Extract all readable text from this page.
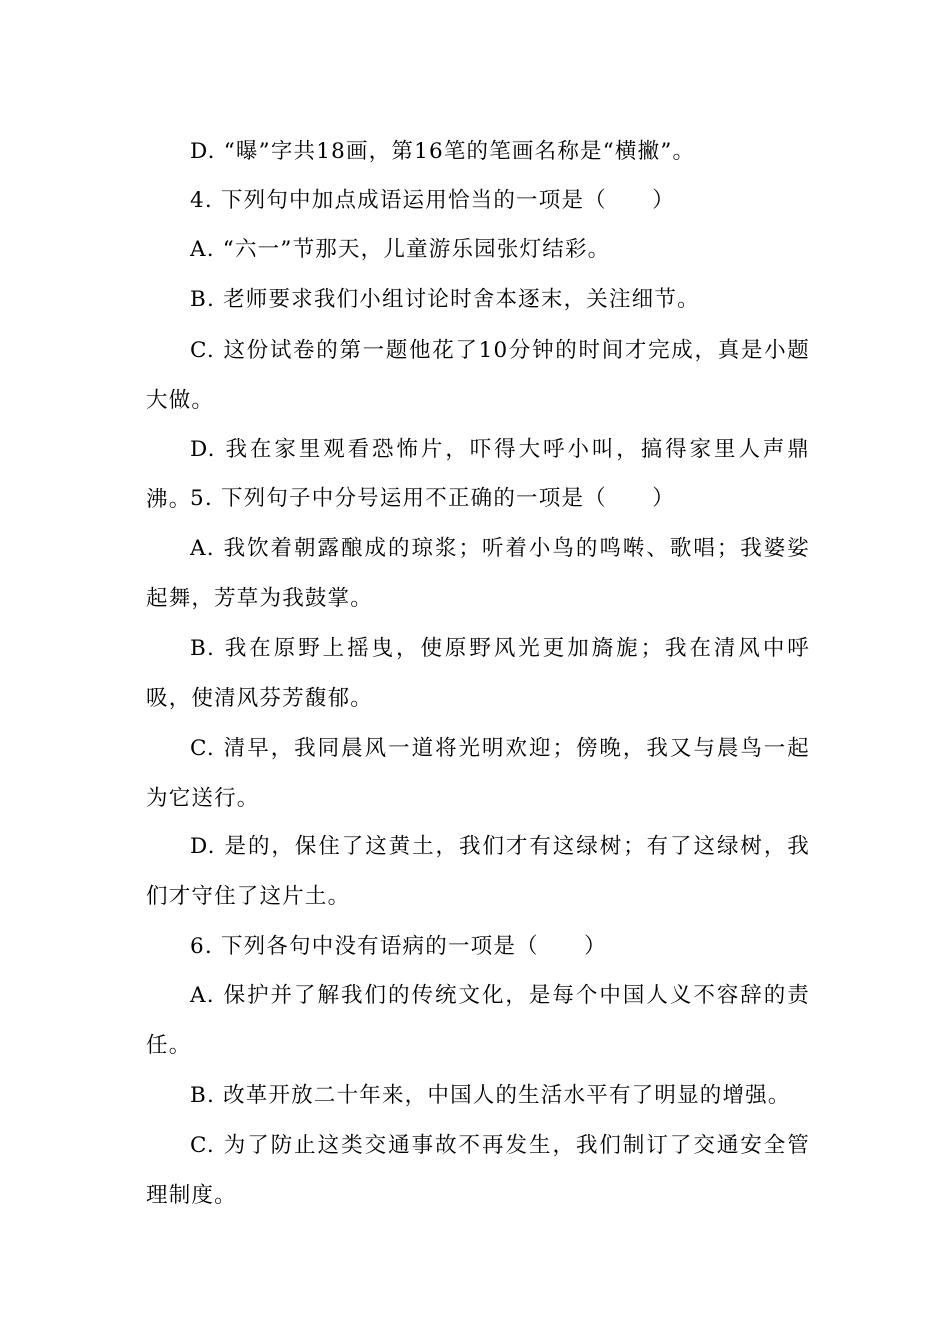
D. “曝”字共18画，第16笔的笔画名称是“横撇”。

4. 下列句中加点成语运用恰当的一项是（　　）

A. “六一”节那天，儿童游乐园张灯结彩。

B. 老师要求我们小组讨论时舍本逐末，关注细节。

C. 这份试卷的第一题他花了10分钟的时间才完成，真是小题大做。

D. 我在家里观看恐怖片，吓得大呼小叫，搞得家里人声鼎沸。

5. 下列句子中分号运用不正确的一项是（　　）

A. 我饮着朝露酿成的琼浆；听着小鸟的鸣啭、歌唱；我婆娑起舞，芳草为我鼓掌。

B. 我在原野上摇曳，使原野风光更加旖旎；我在清风中呼吸，使清风芬芳馥郁。

C. 清早，我同晨风一道将光明欢迎；傍晚，我又与晨鸟一起为它送行。

D. 是的，保住了这黄土，我们才有这绿树；有了这绿树，我们才守住了这片土。

6. 下列各句中没有语病的一项是（　　）

A. 保护并了解我们的传统文化，是每个中国人义不容辞的责任。

B. 改革开放二十年来，中国人的生活水平有了明显的增强。

C. 为了防止这类交通事故不再发生，我们制订了交通安全管理制度。
